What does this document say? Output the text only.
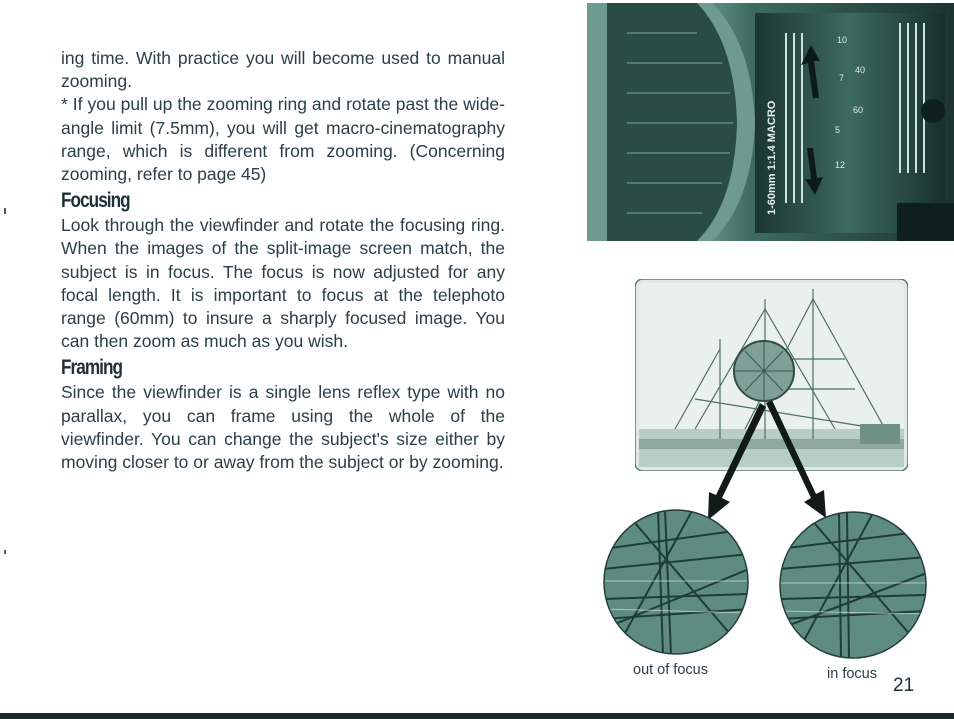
ing time. With practice you will become used to manual zooming.

* If you pull up the zooming ring and rotate past the wide-angle limit (7.5mm), you will get macro-cinematography range, which is different from zooming. (Concerning zooming, refer to page 45)

Focusing

Look through the viewfinder and rotate the focusing ring. When the images of the split-image screen match, the subject is in focus. The focus is now adjusted for any focal length. It is important to focus at the telephoto range (60mm) to insure a sharply focused image. You can then zoom as much as you wish.

Framing

Since the viewfinder is a single lens reflex type with no parallax, you can frame using the whole of the viewfinder. You can change the subject's size either by moving closer to or away from the subject or by zooming.

10
7
40
60
5
12
1-60mm 1:1.4 MACRO
out of focus	in focus
21
